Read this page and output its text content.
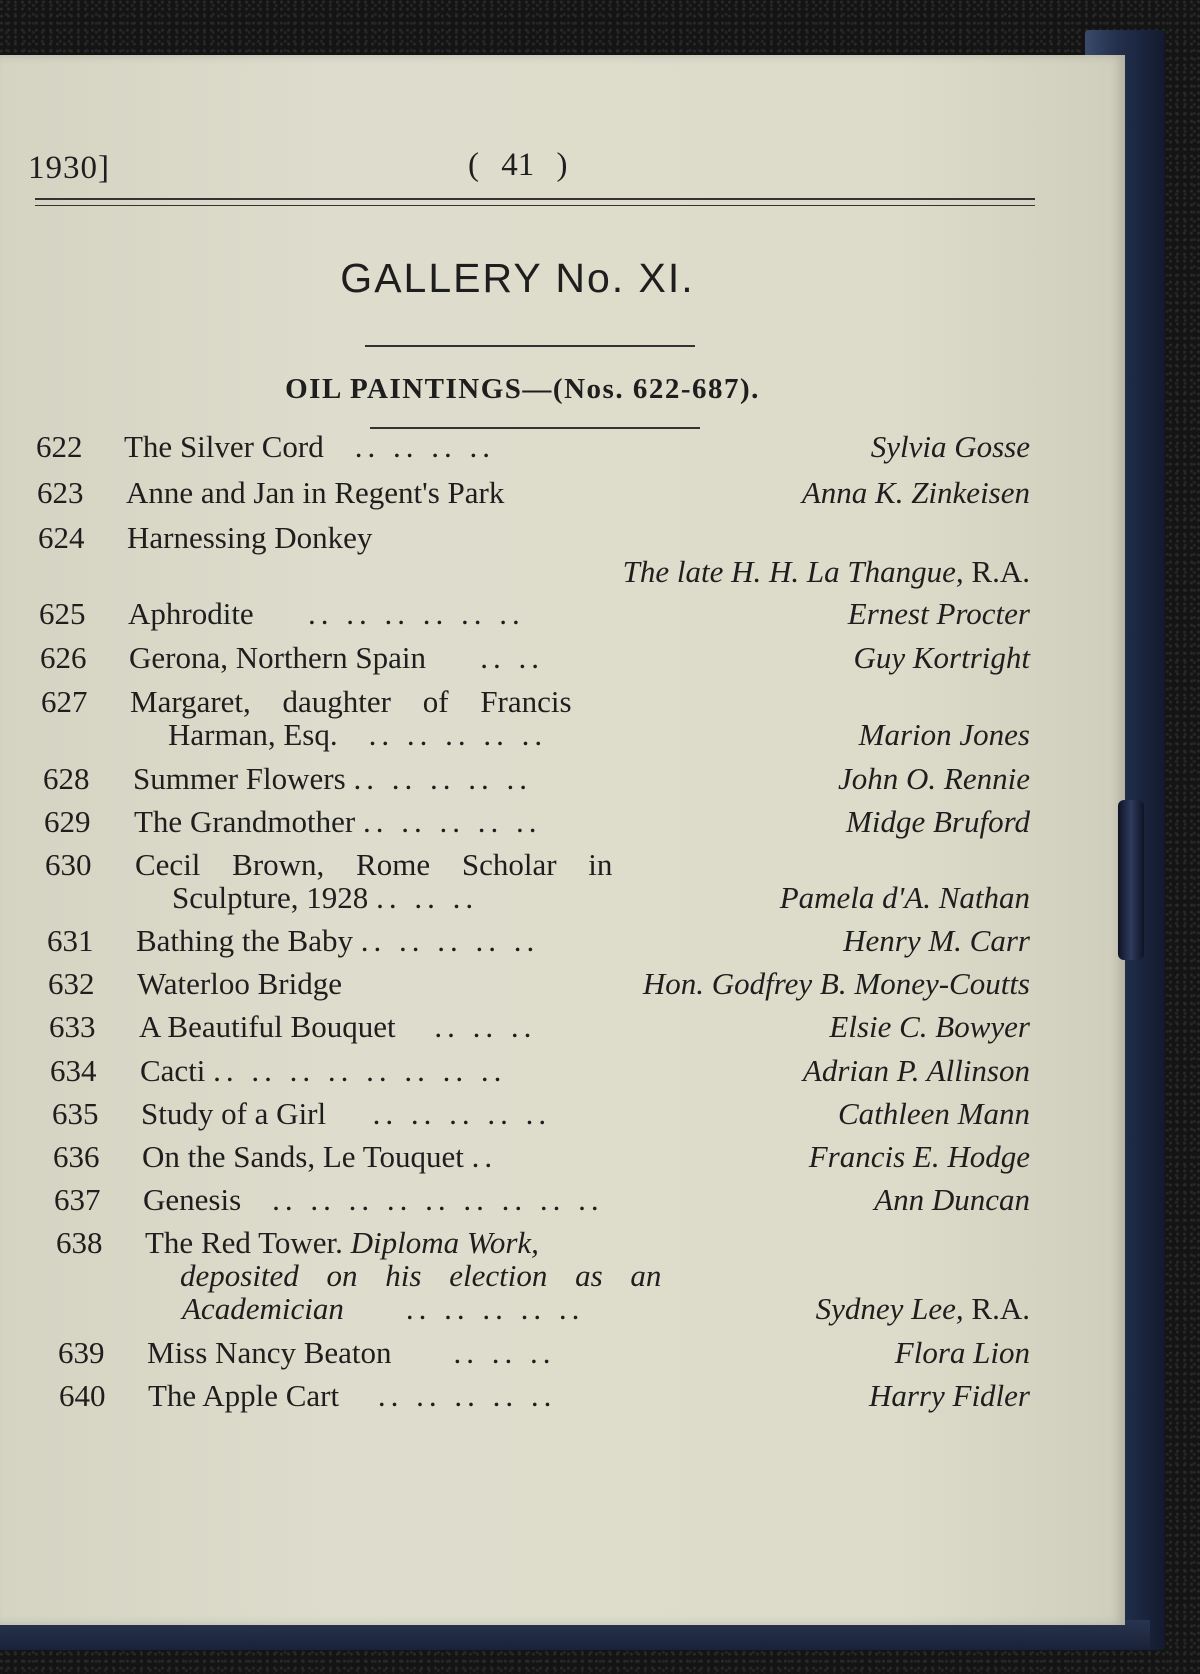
1930]	( 41 )
GALLERY No. XI.
OIL PAINTINGS—(Nos. 622-687).
622	The Silver Cord .. .. .. ..	Sylvia Gosse
623	Anne and Jan in Regent's Park	Anna K. Zinkeisen
624	Harnessing Donkey
The late H. H. La Thangue, R.A.
625	Aphrodite .. .. .. .. .. ..	Ernest Procter
626	Gerona, Northern Spain .. ..	Guy Kortright
627	Margaret, daughter of Francis
Harman, Esq. .. .. .. .. ..	Marion Jones
628	Summer Flowers .. .. .. .. ..	John O. Rennie
629	The Grandmother .. .. .. .. ..	Midge Bruford
630	Cecil Brown, Rome Scholar in
Sculpture, 1928 .. .. ..	Pamela d'A. Nathan
631	Bathing the Baby .. .. .. .. ..	Henry M. Carr
632	Waterloo Bridge	Hon. Godfrey B. Money-Coutts
633	A Beautiful Bouquet .. .. ..	Elsie C. Bowyer
634	Cacti .. .. .. .. .. .. .. ..	Adrian P. Allinson
635	Study of a Girl .. .. .. .. ..	Cathleen Mann
636	On the Sands, Le Touquet ..	Francis E. Hodge
637	Genesis .. .. .. .. .. .. .. .. ..	Ann Duncan
638	The Red Tower. Diploma Work,
deposited on his election as an
Academician .. .. .. .. ..	Sydney Lee, R.A.
639	Miss Nancy Beaton .. .. ..	Flora Lion
640	The Apple Cart .. .. .. .. ..	Harry Fidler
